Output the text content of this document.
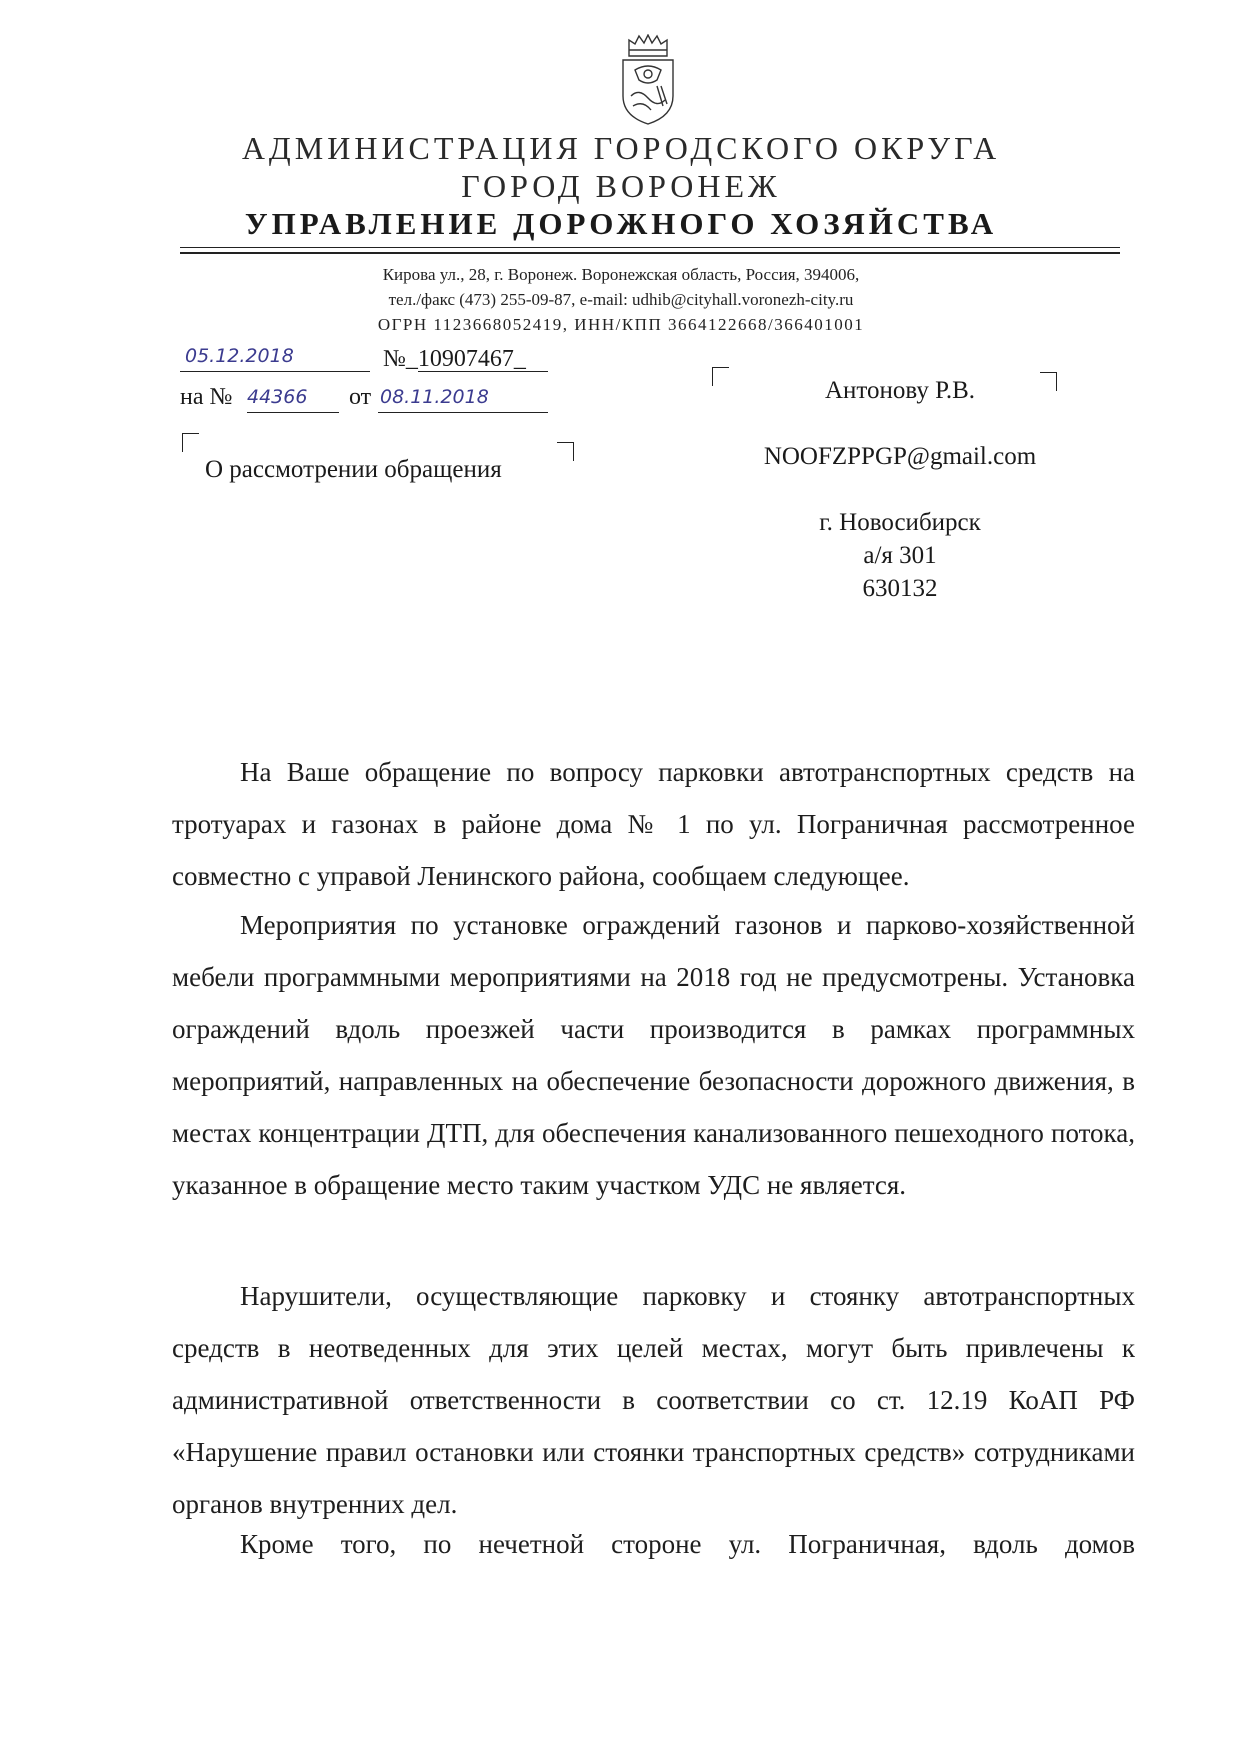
АДМИНИСТРАЦИЯ ГОРОДСКОГО ОКРУГА
ГОРОД ВОРОНЕЖ
УПРАВЛЕНИЕ ДОРОЖНОГО ХОЗЯЙСТВА
Кирова ул., 28, г. Воронеж. Воронежская область, Россия, 394006,
тел./факс (473) 255-09-87, e-mail: udhib@cityhall.voronezh-city.ru
ОГРН 1123668052419, ИНН/КПП 3664122668/366401001
05.12.2018	№_10907467_
на № 44366 от 08.11.2018
О рассмотрении обращения
Антонову Р.В.
NOOFZPPGP@gmail.com
г. Новосибирск
а/я 301
630132

На Ваше обращение по вопросу парковки автотранспортных средств на тротуарах и газонах в районе дома № 1 по ул. Пограничная рассмотренное совместно с управой Ленинского района, сообщаем следующее.

Мероприятия по установке ограждений газонов и парково-хозяйственной мебели программными мероприятиями на 2018 год не предусмотрены. Установка ограждений вдоль проезжей части производится в рамках программных мероприятий, направленных на обеспечение безопасности дорожного движения, в местах концентрации ДТП, для обеспечения канализованного пешеходного потока, указанное в обращение место таким участком УДС не является.

Нарушители, осуществляющие парковку и стоянку автотранспортных средств в неотведенных для этих целей местах, могут быть привлечены к административной ответственности в соответствии со ст. 12.19 КоАП РФ «Нарушение правил остановки или стоянки транспортных средств» сотрудниками органов внутренних дел.

Кроме того, по нечетной стороне ул. Пограничная, вдоль домов
